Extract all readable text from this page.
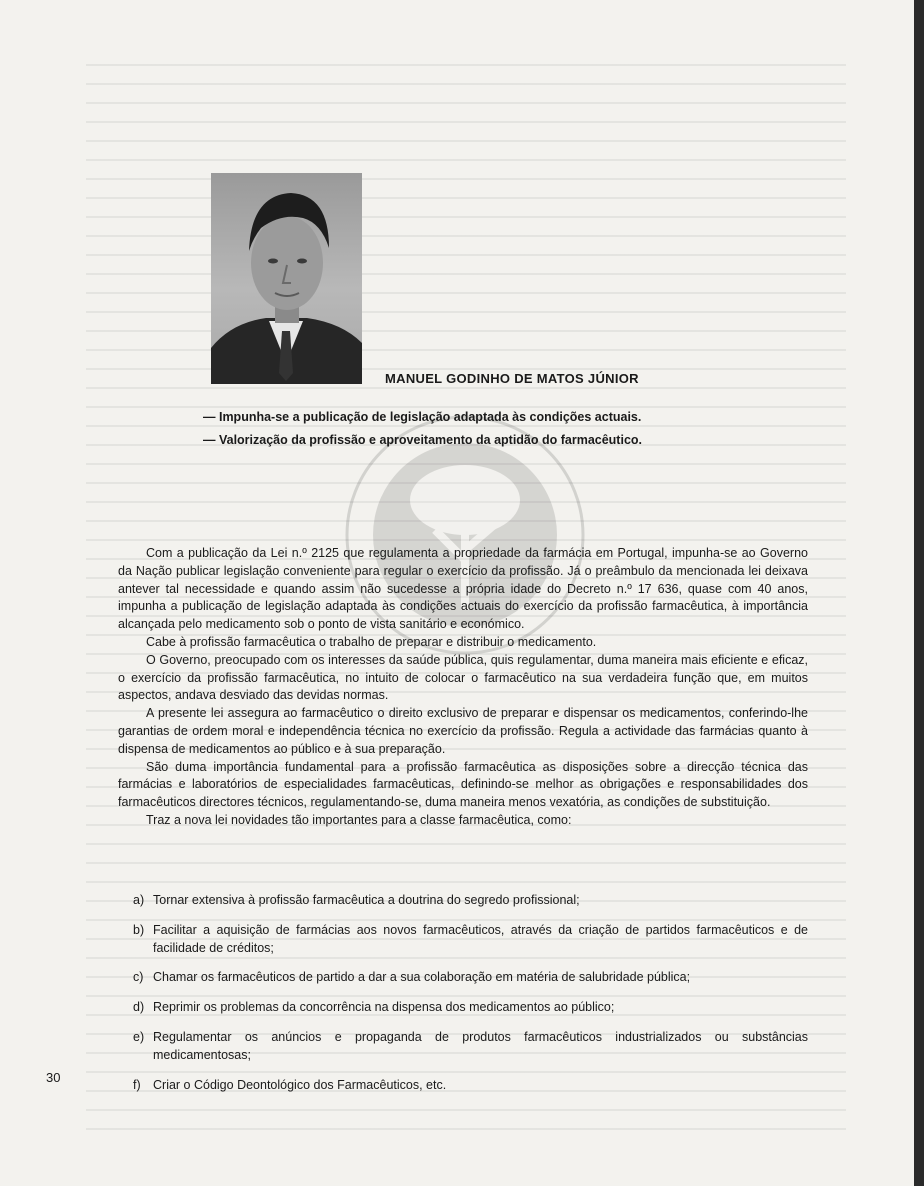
MANUEL GODINHO DE MATOS JÚNIOR
— Impunha-se a publicação de legislação adaptada às condições actuais.
— Valorização da profissão e aproveitamento da aptidão do farmacêutico.

Com a publicação da Lei n.º 2125 que regulamenta a propriedade da farmácia em Portugal, impunha-se ao Governo da Nação publicar legislação conveniente para regular o exercício da profissão. Já o preâmbulo da mencionada lei deixava antever tal necessidade e quando assim não sucedesse a própria idade do Decreto n.º 17 636, quase com 40 anos, impunha a publicação de legislação adaptada às condições actuais do exercício da profissão farmacêutica, à importância alcançada pelo medicamento sob o ponto de vista sanitário e económico.

Cabe à profissão farmacêutica o trabalho de preparar e distribuir o medicamento.

O Governo, preocupado com os interesses da saúde pública, quis regulamentar, duma maneira mais eficiente e eficaz, o exercício da profissão farmacêutica, no intuito de colocar o farmacêutico na sua verdadeira função que, em muitos aspectos, andava desviado das devidas normas.

A presente lei assegura ao farmacêutico o direito exclusivo de preparar e dispensar os medicamentos, conferindo-lhe garantias de ordem moral e independência técnica no exercício da profissão. Regula a actividade das farmácias quanto à dispensa de medicamentos ao público e à sua preparação.

São duma importância fundamental para a profissão farmacêutica as disposições sobre a direcção técnica das farmácias e laboratórios de especialidades farmacêuticas, definindo-se melhor as obrigações e responsabilidades dos farmacêuticos directores técnicos, regulamentando-se, duma maneira menos vexatória, as condições de substituição.

Traz a nova lei novidades tão importantes para a classe farmacêutica, como:

a) Tornar extensiva à profissão farmacêutica a doutrina do segredo profissional;
b) Facilitar a aquisição de farmácias aos novos farmacêuticos, através da criação de partidos farmacêuticos e de facilidade de créditos;
c) Chamar os farmacêuticos de partido a dar a sua colaboração em matéria de salubridade pública;
d) Reprimir os problemas da concorrência na dispensa dos medicamentos ao público;
e) Regulamentar os anúncios e propaganda de produtos farmacêuticos industrializados ou substâncias medicamentosas;
f) Criar o Código Deontológico dos Farmacêuticos, etc.
30
